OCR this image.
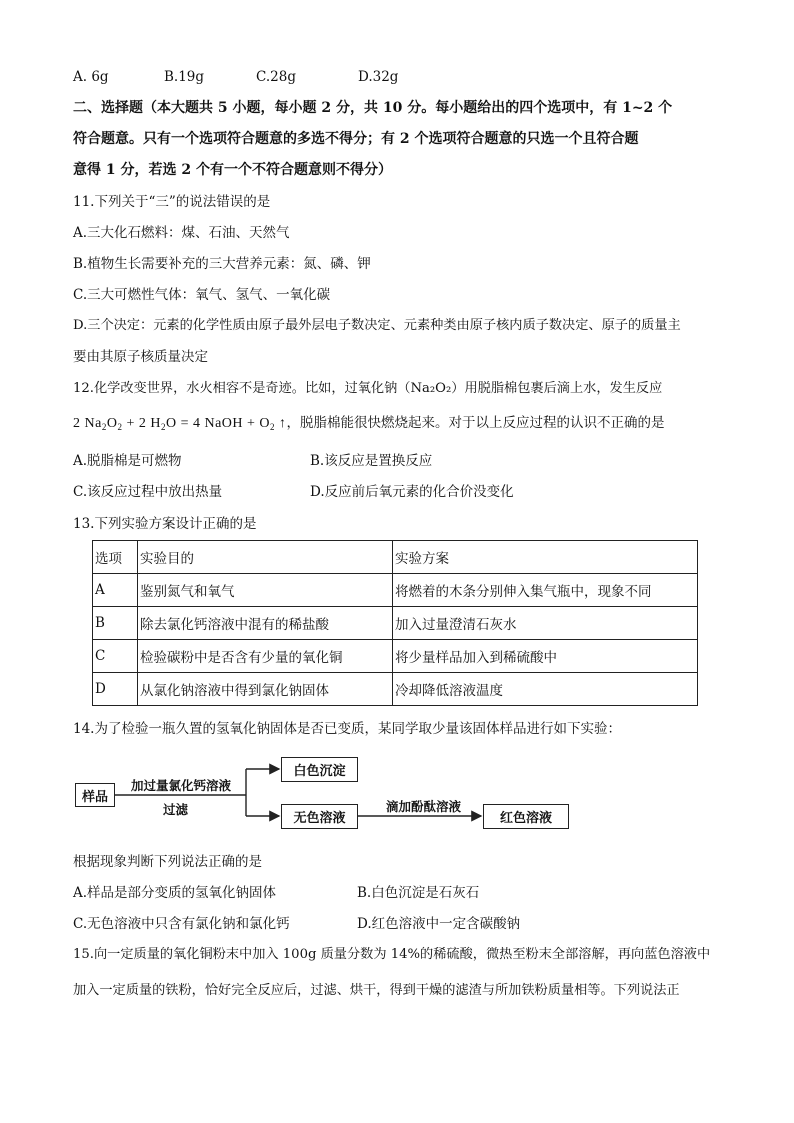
A. 6g	B.19g	C.28g	D.32g
二、选择题（本大题共 5 小题，每小题 2 分，共 10 分。每小题给出的四个选项中，有 1~2 个
符合题意。只有一个选项符合题意的多选不得分；有 2 个选项符合题意的只选一个且符合题
意得 1 分，若选 2 个有一个不符合题意则不得分）
11.下列关于“三”的说法错误的是
A.三大化石燃料：煤、石油、天然气
B.植物生长需要补充的三大营养元素：氮、磷、钾
C.三大可燃性气体：氧气、氢气、一氧化碳
D.三个决定：元素的化学性质由原子最外层电子数决定、元素种类由原子核内质子数决定、原子的质量主
要由其原子核质量决定
12.化学改变世界，水火相容不是奇迹。比如，过氧化钠（Na₂O₂）用脱脂棉包裹后滴上水，发生反应
2 $Na_2O_2 + 2$ $H_2O = 4$ NaOH + $O_2$ ↑，脱脂棉能很快燃烧起来。对于以上反应过程的认识不正确的是
A.脱脂棉是可燃物	B.该反应是置换反应
C.该反应过程中放出热量	D.反应前后氧元素的化合价没变化
13.下列实验方案设计正确的是
选项	实验目的	实验方案
A	鉴别氮气和氧气	将燃着的木条分别伸入集气瓶中，现象不同
B	除去氯化钙溶液中混有的稀盐酸	加入过量澄清石灰水
C	检验碳粉中是否含有少量的氧化铜	将少量样品加入到稀硫酸中
D	从氯化钠溶液中得到氯化钠固体	冷却降低溶液温度
14.为了检验一瓶久置的氢氧化钠固体是否已变质，某同学取少量该固体样品进行如下实验：
样品
加过量氯化钙溶液
过滤
白色沉淀
无色溶液
滴加酚酞溶液
红色溶液
根据现象判断下列说法正确的是
A.样品是部分变质的氢氧化钠固体	B.白色沉淀是石灰石
C.无色溶液中只含有氯化钠和氯化钙	D.红色溶液中一定含碳酸钠
15.向一定质量的氧化铜粉末中加入 100g 质量分数为 14%的稀硫酸，微热至粉末全部溶解，再向蓝色溶液中
加入一定质量的铁粉，恰好完全反应后，过滤、烘干，得到干燥的滤渣与所加铁粉质量相等。下列说法正
